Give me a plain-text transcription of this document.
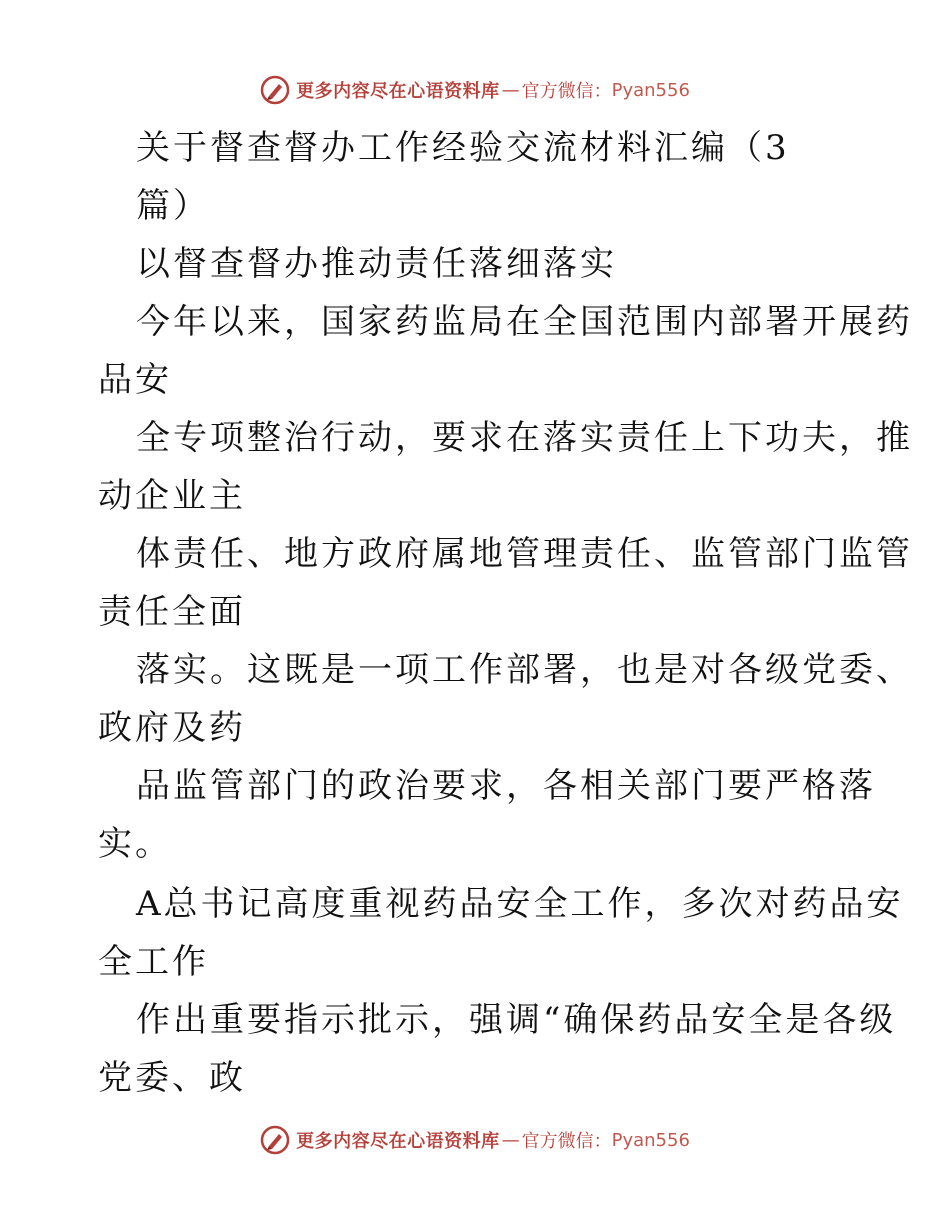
更多内容尽在心语资料库 — 官方微信： Pyan556
关于督查督办工作经验交流材料汇编（3
篇）
以督查督办推动责任落细落实
今年以来，国家药监局在全国范围内部署开展药
品安
全专项整治行动，要求在落实责任上下功夫，推
动企业主
体责任、地方政府属地管理责任、监管部门监管
责任全面
落实。这既是一项工作部署，也是对各级党委、
政府及药
品监管部门的政治要求，各相关部门要严格落
实。
A总书记高度重视药品安全工作，多次对药品安
全工作
作出重要指示批示，强调“确保药品安全是各级
党委、政
更多内容尽在心语资料库 — 官方微信： Pyan556
